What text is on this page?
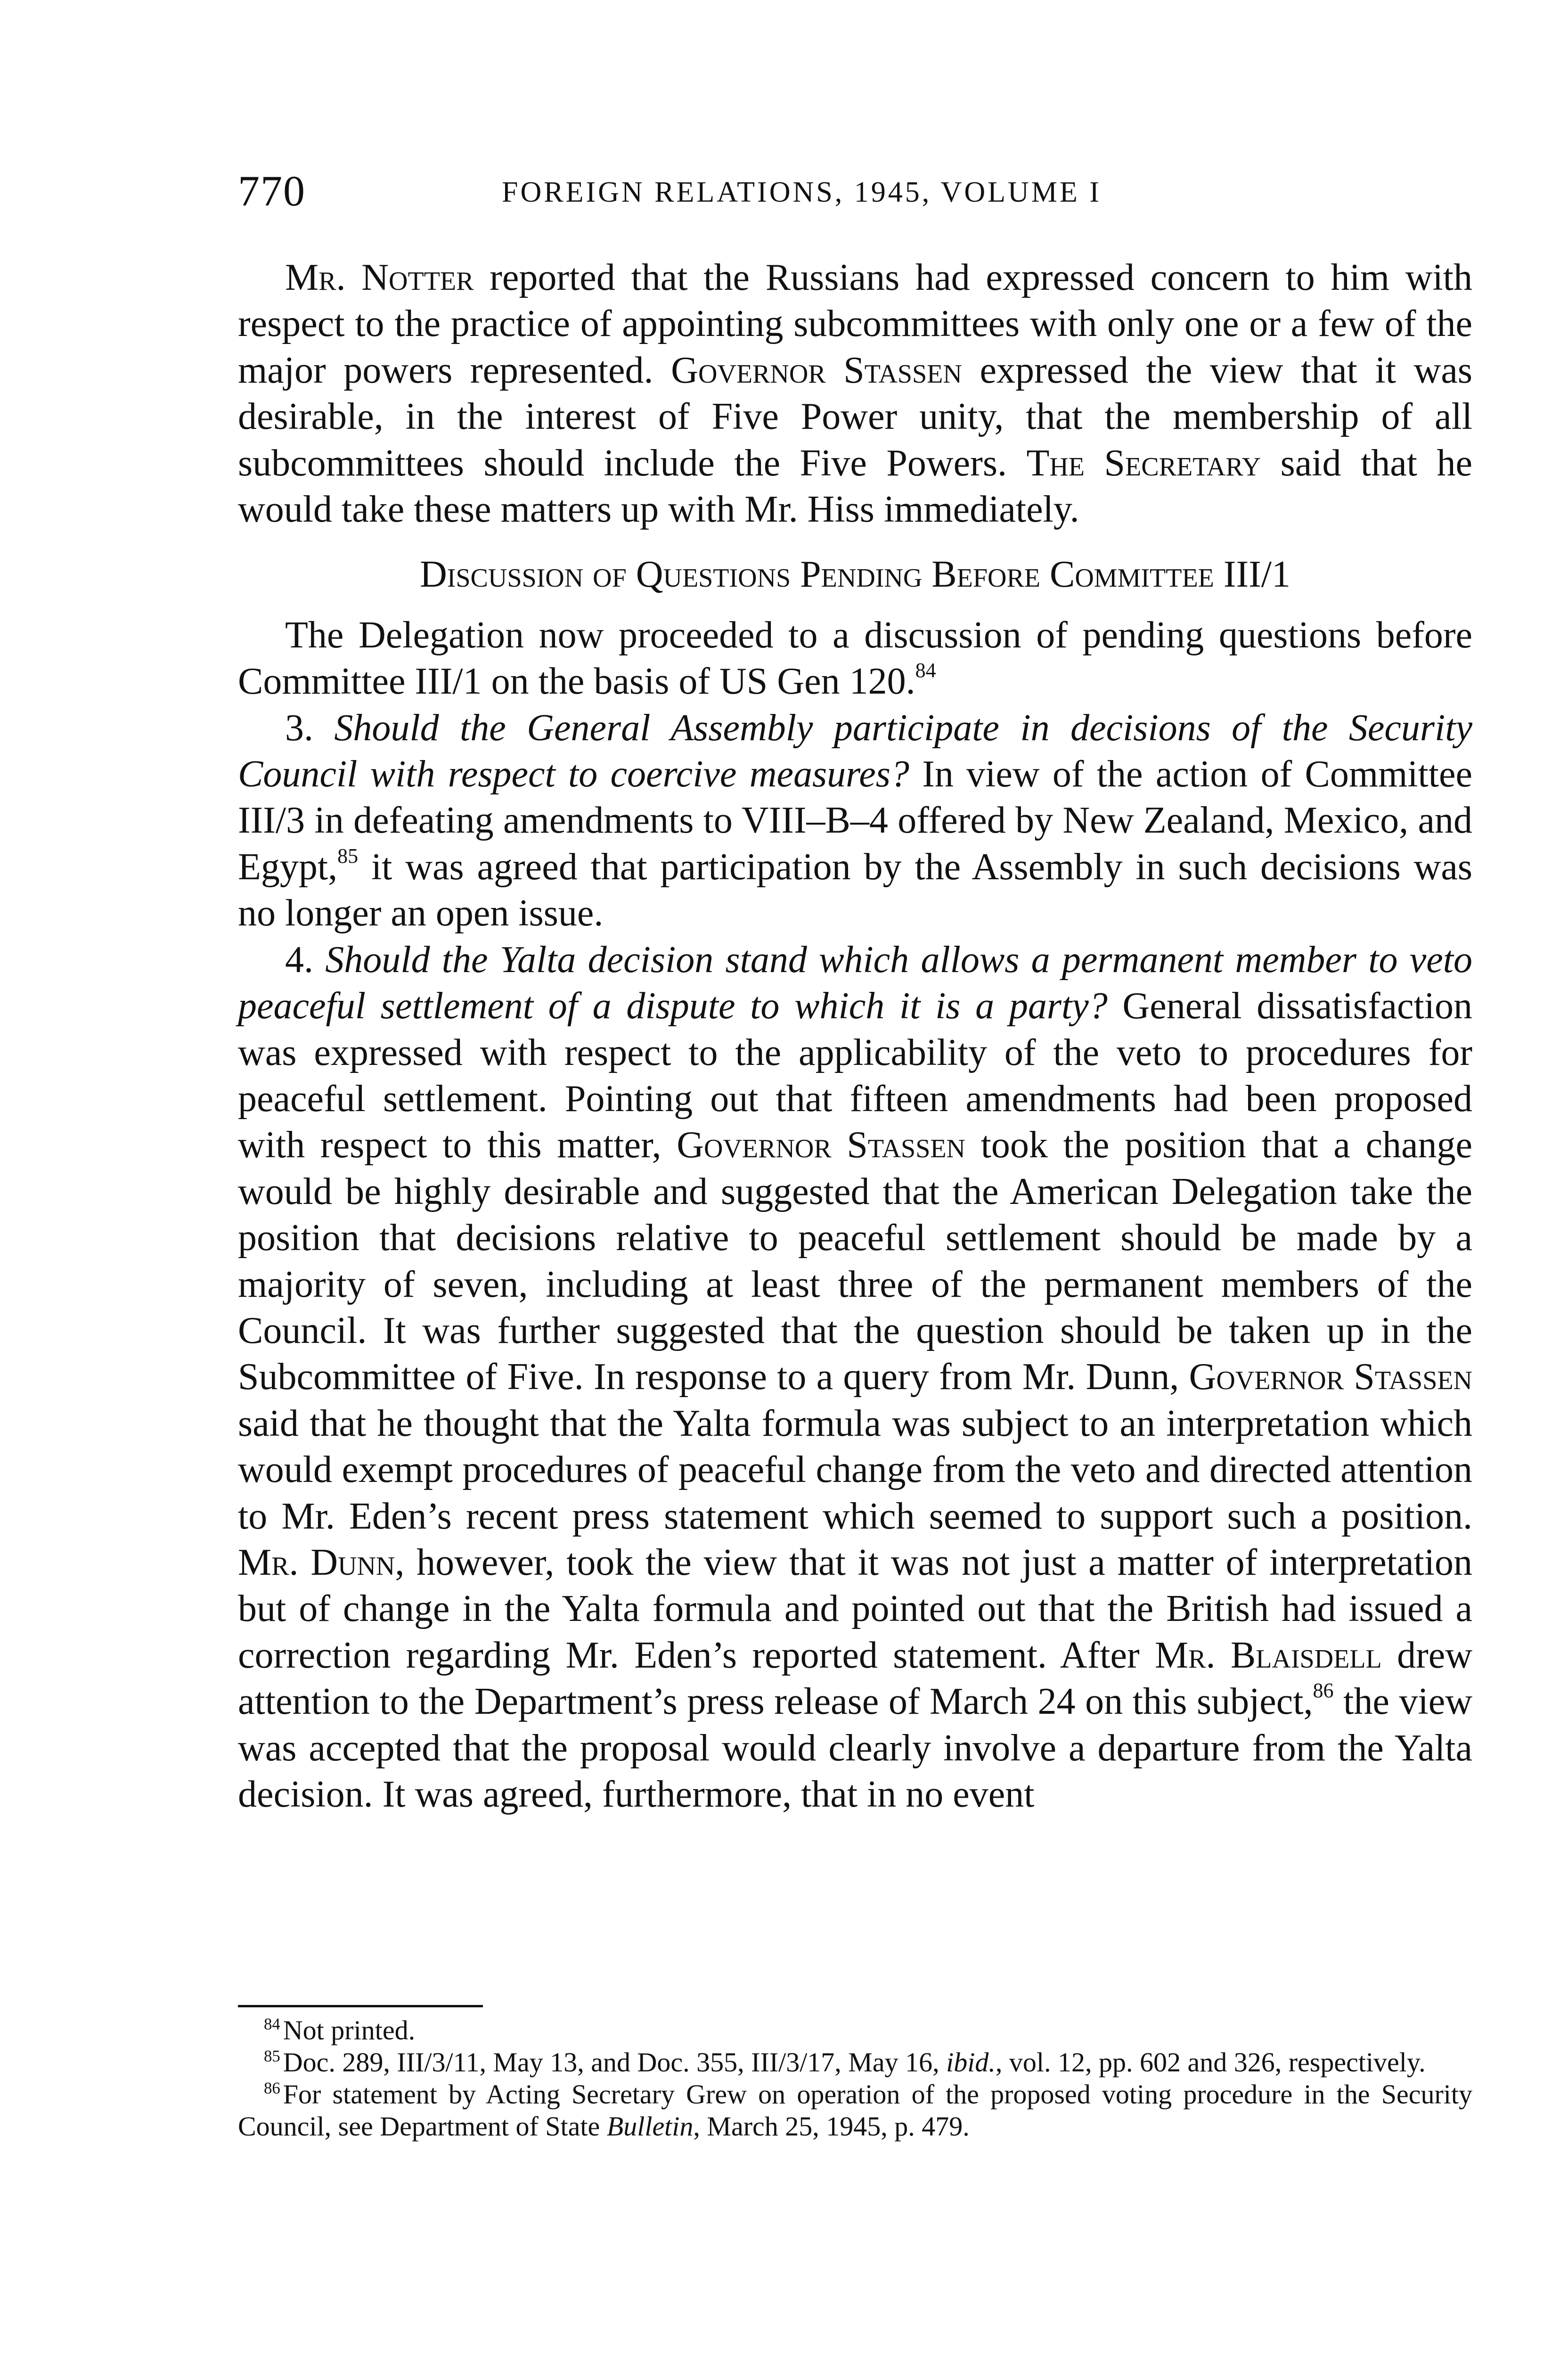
770	FOREIGN RELATIONS, 1945, VOLUME I

Mr. Notter reported that the Russians had expressed concern to him with respect to the practice of appointing subcommittees with only one or a few of the major powers represented. Governor Stassen expressed the view that it was desirable, in the interest of Five Power unity, that the membership of all subcommittees should include the Five Powers. The Secretary said that he would take these matters up with Mr. Hiss immediately.

Discussion of Questions Pending Before Committee III/1

The Delegation now proceeded to a discussion of pending questions before Committee III/1 on the basis of US Gen 120.84

3. Should the General Assembly participate in decisions of the Security Council with respect to coercive measures? In view of the action of Committee III/3 in defeating amendments to VIII–B–4 offered by New Zealand, Mexico, and Egypt,$^{85}$ it was agreed that participation by the Assembly in such decisions was no longer an open issue.

4. Should the Yalta decision stand which allows a permanent member to veto peaceful settlement of a dispute to which it is a party? General dissatisfaction was expressed with respect to the applicability of the veto to procedures for peaceful settlement. Pointing out that fifteen amendments had been proposed with respect to this matter, Governor Stassen took the position that a change would be highly desirable and suggested that the American Delegation take the position that decisions relative to peaceful settlement should be made by a majority of seven, including at least three of the permanent members of the Council. It was further suggested that the question should be taken up in the Subcommittee of Five. In response to a query from Mr. Dunn, Governor Stassen said that he thought that the Yalta formula was subject to an interpretation which would exempt procedures of peaceful change from the veto and directed attention to Mr. Eden’s recent press statement which seemed to support such a position. Mr. Dunn, however, took the view that it was not just a matter of interpretation but of change in the Yalta formula and pointed out that the British had issued a correction regarding Mr. Eden’s reported statement. After Mr. Blaisdell drew attention to the Department’s press release of March 24 on this subject,$^{86}$ the view was accepted that the proposal would clearly involve a departure from the Yalta decision. It was agreed, furthermore, that in no event

$^{84}$ Not printed.

$^{85}$ Doc. 289, III/3/11, May 13, and Doc. 355, III/3/17, May 16, ibid., vol. 12, pp. 602 and 326, respectively.

$^{86}$ For statement by Acting Secretary Grew on operation of the proposed voting procedure in the Security Council, see Department of State Bulletin, March 25, 1945, p. 479.
